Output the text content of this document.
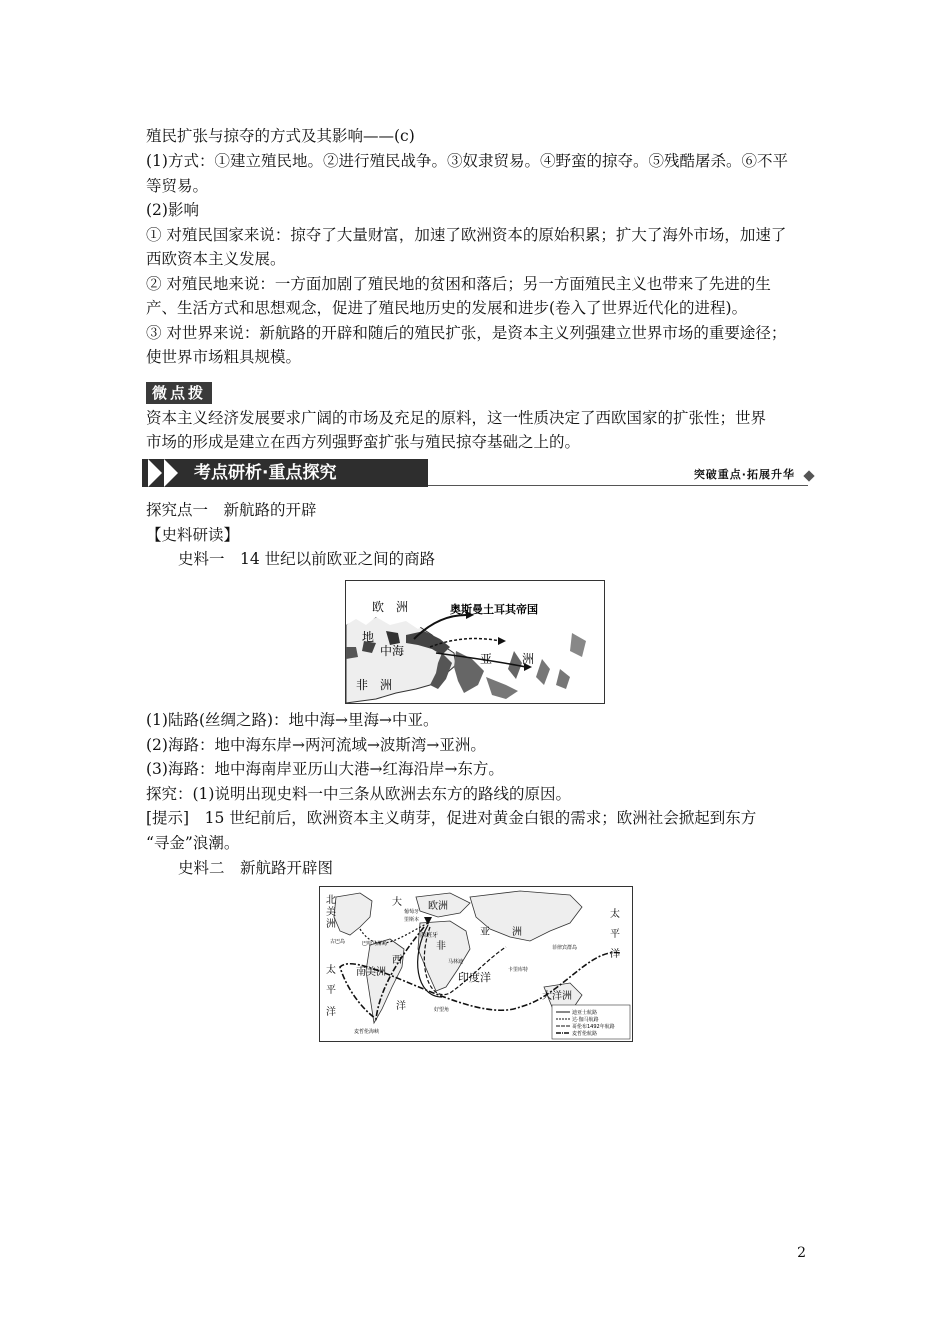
殖民扩张与掠夺的方式及其影响——(c)
(1)方式：①建立殖民地。②进行殖民战争。③奴隶贸易。④野蛮的掠夺。⑤残酷屠杀。⑥不平
等贸易。
(2)影响
① 对殖民国家来说：掠夺了大量财富，加速了欧洲资本的原始积累；扩大了海外市场，加速了
西欧资本主义发展。
② 对殖民地来说：一方面加剧了殖民地的贫困和落后；另一方面殖民主义也带来了先进的生
产、生活方式和思想观念，促进了殖民地历史的发展和进步(卷入了世界近代化的进程)。
③ 对世界来说：新航路的开辟和随后的殖民扩张，是资本主义列强建立世界市场的重要途径；
使世界市场粗具规模。
微点拨
资本主义经济发展要求广阔的市场及充足的原料，这一性质决定了西欧国家的扩张性；世界
市场的形成是建立在西方列强野蛮扩张与殖民掠夺基础之上的。
考点研析·重点探究	突破重点·拓展升华
探究点一　新航路的开辟
【史料研读】
史料一　14 世纪以前欧亚之间的商路
欧　洲	奥斯曼土耳其帝国
地
中海
亚 洲
非　洲
(1)陆路(丝绸之路)：地中海→里海→中亚。
(2)海路：地中海东岸→两河流域→波斯湾→亚洲。
(3)海路：地中海南岸亚历山大港→红海沿岸→东方。
探究：(1)说明出现史料一中三条从欧洲去东方的路线的原因。
[提示]　15 世纪前后，欧洲资本主义萌芽，促进对黄金白银的需求；欧洲社会掀起到东方
“寻金”浪潮。
史料二　新航路开辟图
北
美
洲
大
西
洋
欧洲
葡萄牙
里斯本
西班牙
古巴岛	巴哈马群岛
南美洲
麦哲伦海峡
太
平
洋
太
平
洋
非
亚 洲
马林迪
卡里库特
菲律宾群岛
印度洋
大洋洲
好望角	迪亚士航路
达·伽马航路
哥伦布1492年航路
麦哲伦航路
2
